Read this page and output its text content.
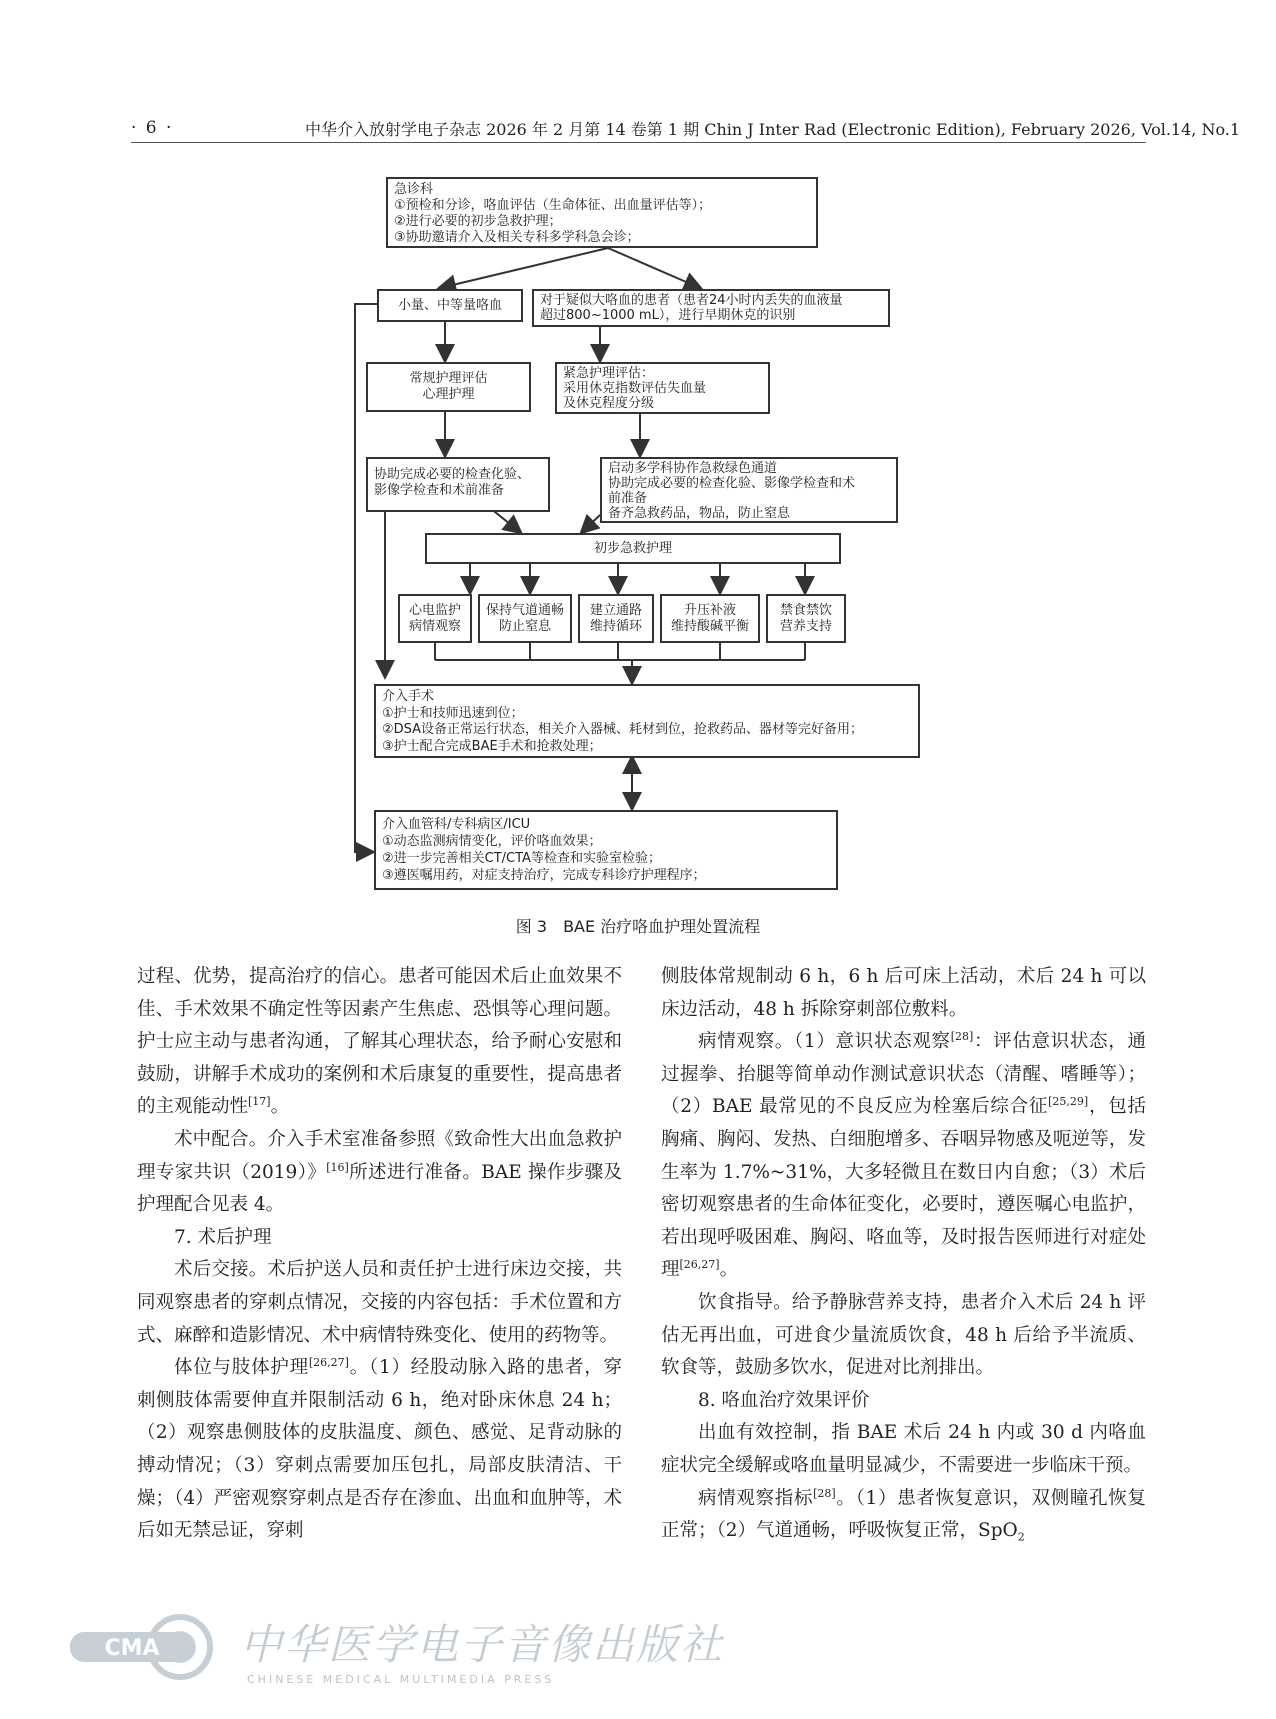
· 6 ·	中华介入放射学电子杂志 2026 年 2 月第 14 卷第 1 期 Chin J Inter Rad (Electronic Edition), February 2026, Vol.14, No.1
急诊科
①预检和分诊，咯血评估（生命体征、出血量评估等）；
②进行必要的初步急救护理；
③协助邀请介入及相关专科多学科急会诊；
小量、中等量咯血	对于疑似大咯血的患者（患者24小时内丢失的血液量
超过800~1000 mL），进行早期休克的识别
常规护理评估
心理护理
紧急护理评估：
采用休克指数评估失血量
及休克程度分级
协助完成必要的检查化验、
影像学检查和术前准备
启动多学科协作急救绿色通道
协助完成必要的检查化验、影像学检查和术
前准备
备齐急救药品，物品，防止窒息
初步急救护理
心电监护
病情观察
保持气道通畅
防止窒息
建立通路
维持循环
升压补液
维持酸碱平衡
禁食禁饮
营养支持
介入手术
①护士和技师迅速到位；
②DSA设备正常运行状态，相关介入器械、耗材到位，抢救药品、器材等完好备用；
③护士配合完成BAE手术和抢救处理；
介入血管科/专科病区/ICU
①动态监测病情变化，评价咯血效果；
②进一步完善相关CT/CTA等检查和实验室检验；
③遵医嘱用药，对症支持治疗，完成专科诊疗护理程序；
图 3　BAE 治疗咯血护理处置流程

过程、优势，提高治疗的信心。患者可能因术后止血效果不佳、手术效果不确定性等因素产生焦虑、恐惧等心理问题。护士应主动与患者沟通，了解其心理状态，给予耐心安慰和鼓励，讲解手术成功的案例和术后康复的重要性，提高患者的主观能动性[17]。

术中配合。介入手术室准备参照《致命性大出血急救护理专家共识（2019）》[16]所述进行准备。BAE 操作步骤及护理配合见表 4。

7. 术后护理

术后交接。术后护送人员和责任护士进行床边交接，共同观察患者的穿刺点情况，交接的内容包括：手术位置和方式、麻醉和造影情况、术中病情特殊变化、使用的药物等。

体位与肢体护理[26,27]。（1）经股动脉入路的患者，穿刺侧肢体需要伸直并限制活动 6 h，绝对卧床休息 24 h；（2）观察患侧肢体的皮肤温度、颜色、感觉、足背动脉的搏动情况；（3）穿刺点需要加压包扎，局部皮肤清洁、干燥；（4）严密观察穿刺点是否存在渗血、出血和血肿等，术后如无禁忌证，穿刺

侧肢体常规制动 6 h，6 h 后可床上活动，术后 24 h 可以床边活动，48 h 拆除穿刺部位敷料。

病情观察。（1）意识状态观察[28]：评估意识状态，通过握拳、抬腿等简单动作测试意识状态（清醒、嗜睡等）；（2）BAE 最常见的不良反应为栓塞后综合征[25,29]，包括胸痛、胸闷、发热、白细胞增多、吞咽异物感及呃逆等，发生率为 1.7%~31%，大多轻微且在数日内自愈；（3）术后密切观察患者的生命体征变化，必要时，遵医嘱心电监护，若出现呼吸困难、胸闷、咯血等，及时报告医师进行对症处理[26,27]。

饮食指导。给予静脉营养支持，患者介入术后 24 h 评估无再出血，可进食少量流质饮食，48 h 后给予半流质、软食等，鼓励多饮水，促进对比剂排出。

8. 咯血治疗效果评价

出血有效控制，指 BAE 术后 24 h 内或 30 d 内咯血症状完全缓解或咯血量明显减少，不需要进一步临床干预。

病情观察指标[28]。（1）患者恢复意识，双侧瞳孔恢复正常；（2）气道通畅，呼吸恢复正常，SpO$_2$

CMA 中华医学电子音像出版社
CHINESE MEDICAL MULTIMEDIA PRESS
